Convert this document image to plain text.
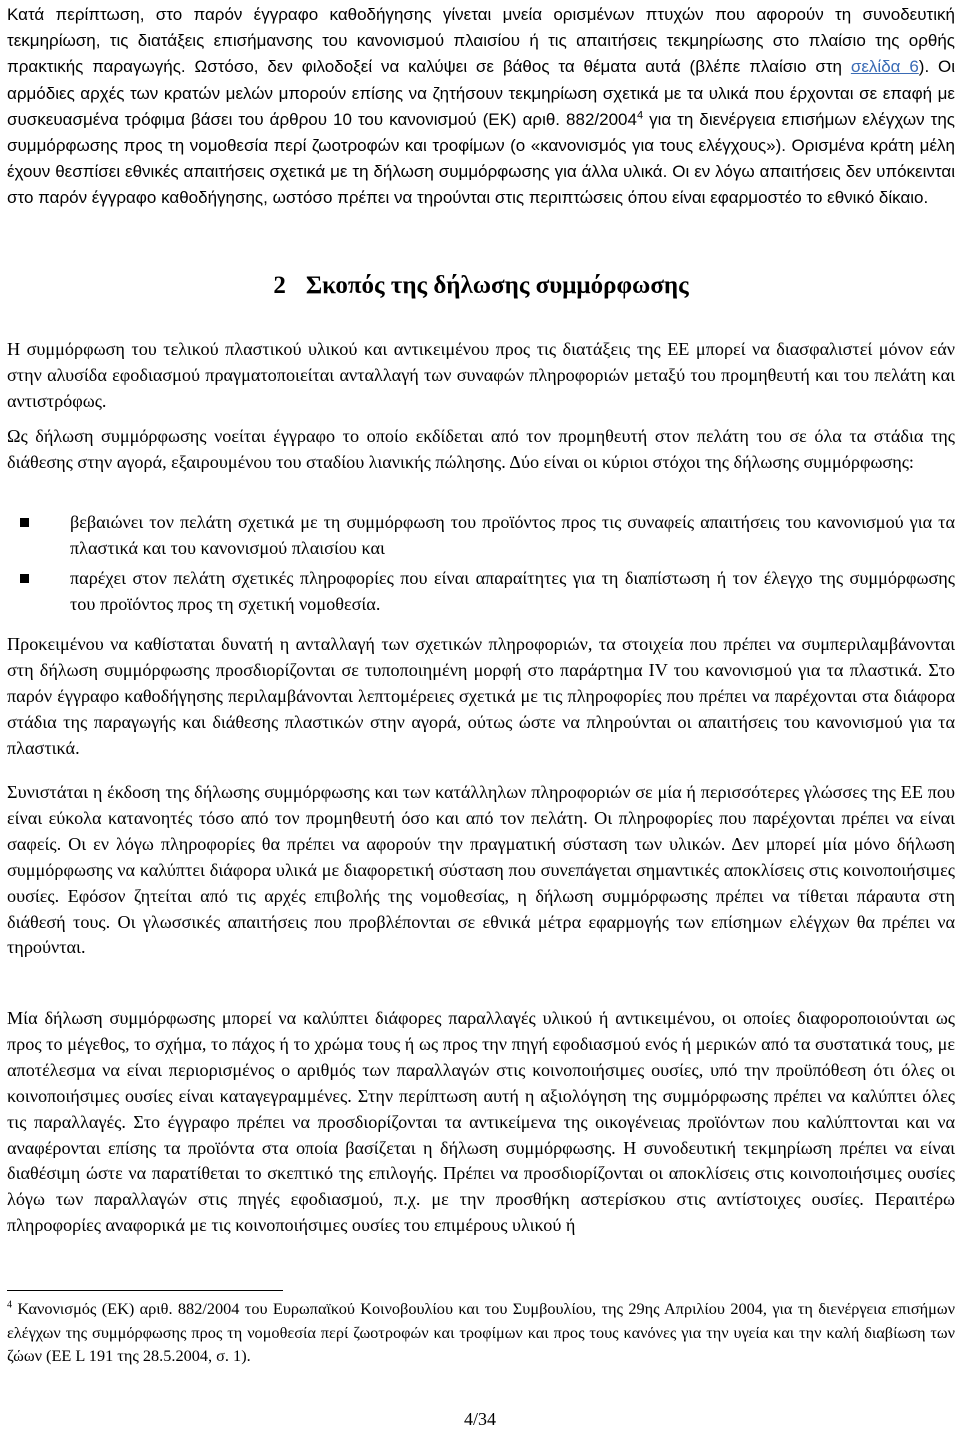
Κατά περίπτωση, στο παρόν έγγραφο καθοδήγησης γίνεται μνεία ορισμένων πτυχών που αφορούν τη συνοδευτική τεκμηρίωση, τις διατάξεις επισήμανσης του κανονισμού πλαισίου ή τις απαιτήσεις τεκμηρίωσης στο πλαίσιο της ορθής πρακτικής παραγωγής. Ωστόσο, δεν φιλοδοξεί να καλύψει σε βάθος τα θέματα αυτά (βλέπε πλαίσιο στη σελίδα 6). Οι αρμόδιες αρχές των κρατών μελών μπορούν επίσης να ζητήσουν τεκμηρίωση σχετικά με τα υλικά που έρχονται σε επαφή με συσκευασμένα τρόφιμα βάσει του άρθρου 10 του κανονισμού (ΕΚ) αριθ. 882/2004$^4$ για τη διενέργεια επισήμων ελέγχων της συμμόρφωσης προς τη νομοθεσία περί ζωοτροφών και τροφίμων (ο «κανονισμός για τους ελέγχους»). Ορισμένα κράτη μέλη έχουν θεσπίσει εθνικές απαιτήσεις σχετικά με τη δήλωση συμμόρφωσης για άλλα υλικά. Οι εν λόγω απαιτήσεις δεν υπόκεινται στο παρόν έγγραφο καθοδήγησης, ωστόσο πρέπει να τηρούνται στις περιπτώσεις όπου είναι εφαρμοστέο το εθνικό δίκαιο.

2 Σκοπός της δήλωσης συμμόρφωσης

Η συμμόρφωση του τελικού πλαστικού υλικού και αντικειμένου προς τις διατάξεις της ΕΕ μπορεί να διασφαλιστεί μόνον εάν στην αλυσίδα εφοδιασμού πραγματοποιείται ανταλλαγή των συναφών πληροφοριών μεταξύ του προμηθευτή και του πελάτη και αντιστρόφως.

Ως δήλωση συμμόρφωσης νοείται έγγραφο το οποίο εκδίδεται από τον προμηθευτή στον πελάτη του σε όλα τα στάδια της διάθεσης στην αγορά, εξαιρουμένου του σταδίου λιανικής πώλησης. Δύο είναι οι κύριοι στόχοι της δήλωσης συμμόρφωσης:

βεβαιώνει τον πελάτη σχετικά με τη συμμόρφωση του προϊόντος προς τις συναφείς απαιτήσεις του κανονισμού για τα πλαστικά και του κανονισμού πλαισίου και
παρέχει στον πελάτη σχετικές πληροφορίες που είναι απαραίτητες για τη διαπίστωση ή τον έλεγχο της συμμόρφωσης του προϊόντος προς τη σχετική νομοθεσία.

Προκειμένου να καθίσταται δυνατή η ανταλλαγή των σχετικών πληροφοριών, τα στοιχεία που πρέπει να συμπεριλαμβάνονται στη δήλωση συμμόρφωσης προσδιορίζονται σε τυποποιημένη μορφή στο παράρτημα IV του κανονισμού για τα πλαστικά. Στο παρόν έγγραφο καθοδήγησης περιλαμβάνονται λεπτομέρειες σχετικά με τις πληροφορίες που πρέπει να παρέχονται στα διάφορα στάδια της παραγωγής και διάθεσης πλαστικών στην αγορά, ούτως ώστε να πληρούνται οι απαιτήσεις του κανονισμού για τα πλαστικά.

Συνιστάται η έκδοση της δήλωσης συμμόρφωσης και των κατάλληλων πληροφοριών σε μία ή περισσότερες γλώσσες της ΕΕ που είναι εύκολα κατανοητές τόσο από τον προμηθευτή όσο και από τον πελάτη. Οι πληροφορίες που παρέχονται πρέπει να είναι σαφείς. Οι εν λόγω πληροφορίες θα πρέπει να αφορούν την πραγματική σύσταση των υλικών. Δεν μπορεί μία μόνο δήλωση συμμόρφωσης να καλύπτει διάφορα υλικά με διαφορετική σύσταση που συνεπάγεται σημαντικές αποκλίσεις στις κοινοποιήσιμες ουσίες. Εφόσον ζητείται από τις αρχές επιβολής της νομοθεσίας, η δήλωση συμμόρφωσης πρέπει να τίθεται πάραυτα στη διάθεσή τους. Οι γλωσσικές απαιτήσεις που προβλέπονται σε εθνικά μέτρα εφαρμογής των επίσημων ελέγχων θα πρέπει να τηρούνται.

Μία δήλωση συμμόρφωσης μπορεί να καλύπτει διάφορες παραλλαγές υλικού ή αντικειμένου, οι οποίες διαφοροποιούνται ως προς το μέγεθος, το σχήμα, το πάχος ή το χρώμα τους ή ως προς την πηγή εφοδιασμού ενός ή μερικών από τα συστατικά τους, με αποτέλεσμα να είναι περιορισμένος ο αριθμός των παραλλαγών στις κοινοποιήσιμες ουσίες, υπό την προϋπόθεση ότι όλες οι κοινοποιήσιμες ουσίες είναι καταγεγραμμένες. Στην περίπτωση αυτή η αξιολόγηση της συμμόρφωσης πρέπει να καλύπτει όλες τις παραλλαγές. Στο έγγραφο πρέπει να προσδιορίζονται τα αντικείμενα της οικογένειας προϊόντων που καλύπτονται και να αναφέρονται επίσης τα προϊόντα στα οποία βασίζεται η δήλωση συμμόρφωσης. Η συνοδευτική τεκμηρίωση πρέπει να είναι διαθέσιμη ώστε να παρατίθεται το σκεπτικό της επιλογής. Πρέπει να προσδιορίζονται οι αποκλίσεις στις κοινοποιήσιμες ουσίες λόγω των παραλλαγών στις πηγές εφοδιασμού, π.χ. με την προσθήκη αστερίσκου στις αντίστοιχες ουσίες. Περαιτέρω πληροφορίες αναφορικά με τις κοινοποιήσιμες ουσίες του επιμέρους υλικού ή

$^4$ Κανονισμός (ΕΚ) αριθ. 882/2004 του Ευρωπαϊκού Κοινοβουλίου και του Συμβουλίου, της 29ης Απριλίου 2004, για τη διενέργεια επισήμων ελέγχων της συμμόρφωσης προς τη νομοθεσία περί ζωοτροφών και τροφίμων και προς τους κανόνες για την υγεία και την καλή διαβίωση των ζώων (ΕΕ L 191 της 28.5.2004, σ. 1).

4/34
